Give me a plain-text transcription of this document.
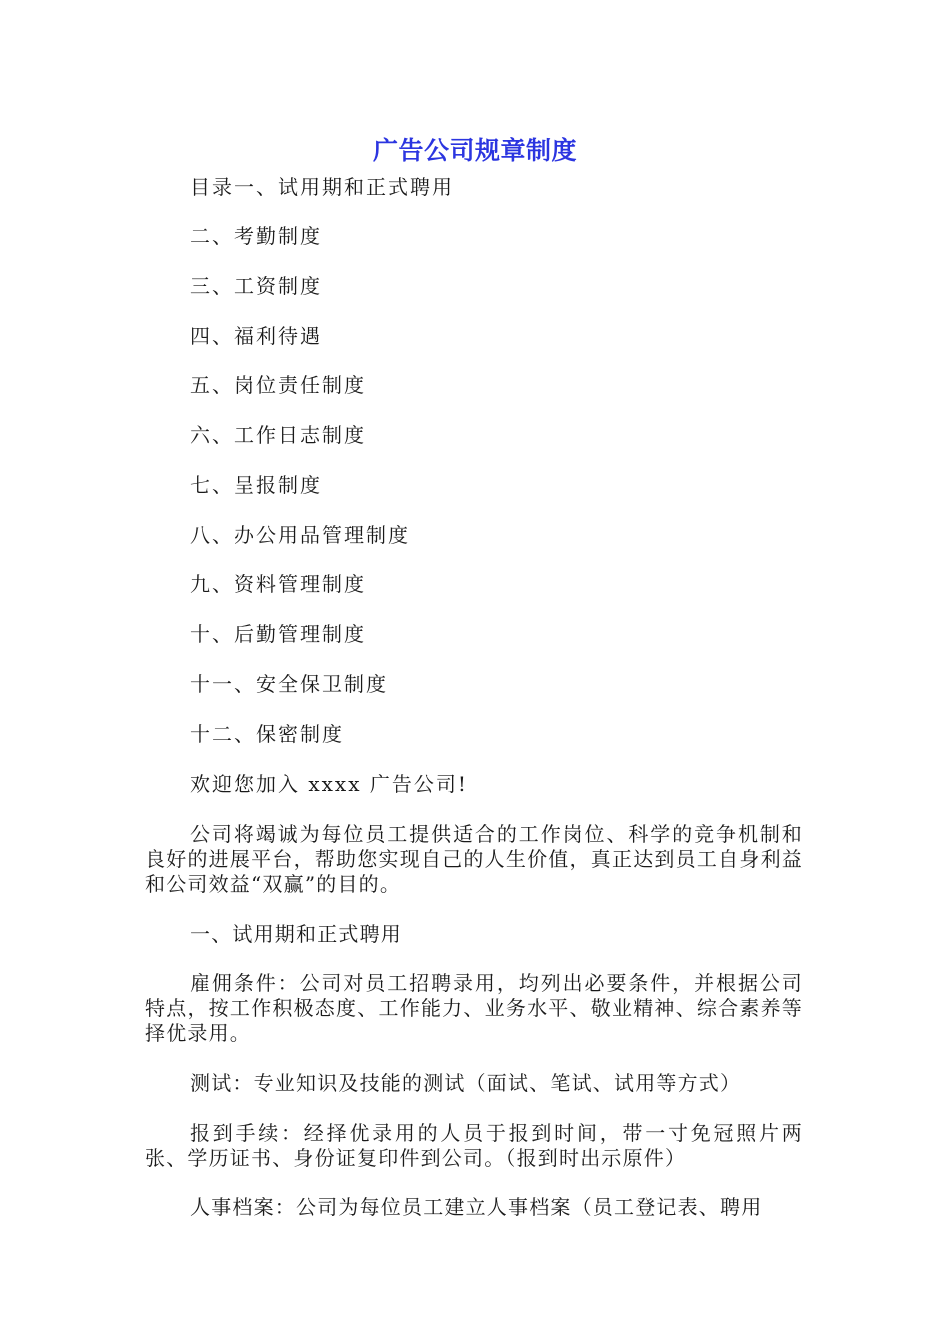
广告公司规章制度
目录一、试用期和正式聘用
二、考勤制度
三、工资制度
四、福利待遇
五、岗位责任制度
六、工作日志制度
七、呈报制度
八、办公用品管理制度
九、资料管理制度
十、后勤管理制度
十一、安全保卫制度
十二、保密制度
欢迎您加入 xxxx 广告公司!
公司将竭诚为每位员工提供适合的工作岗位、科学的竞争机制和良好的进展平台，帮助您实现自己的人生价值，真正达到员工自身利益和公司效益“双赢”的目的。
一、试用期和正式聘用
雇佣条件：公司对员工招聘录用，均列出必要条件，并根据公司特点，按工作积极态度、工作能力、业务水平、敬业精神、综合素养等择优录用。
测试：专业知识及技能的测试（面试、笔试、试用等方式）
报到手续：经择优录用的人员于报到时间，带一寸免冠照片两张、学历证书、身份证复印件到公司。（报到时出示原件）
人事档案：公司为每位员工建立人事档案（员工登记表、聘用
